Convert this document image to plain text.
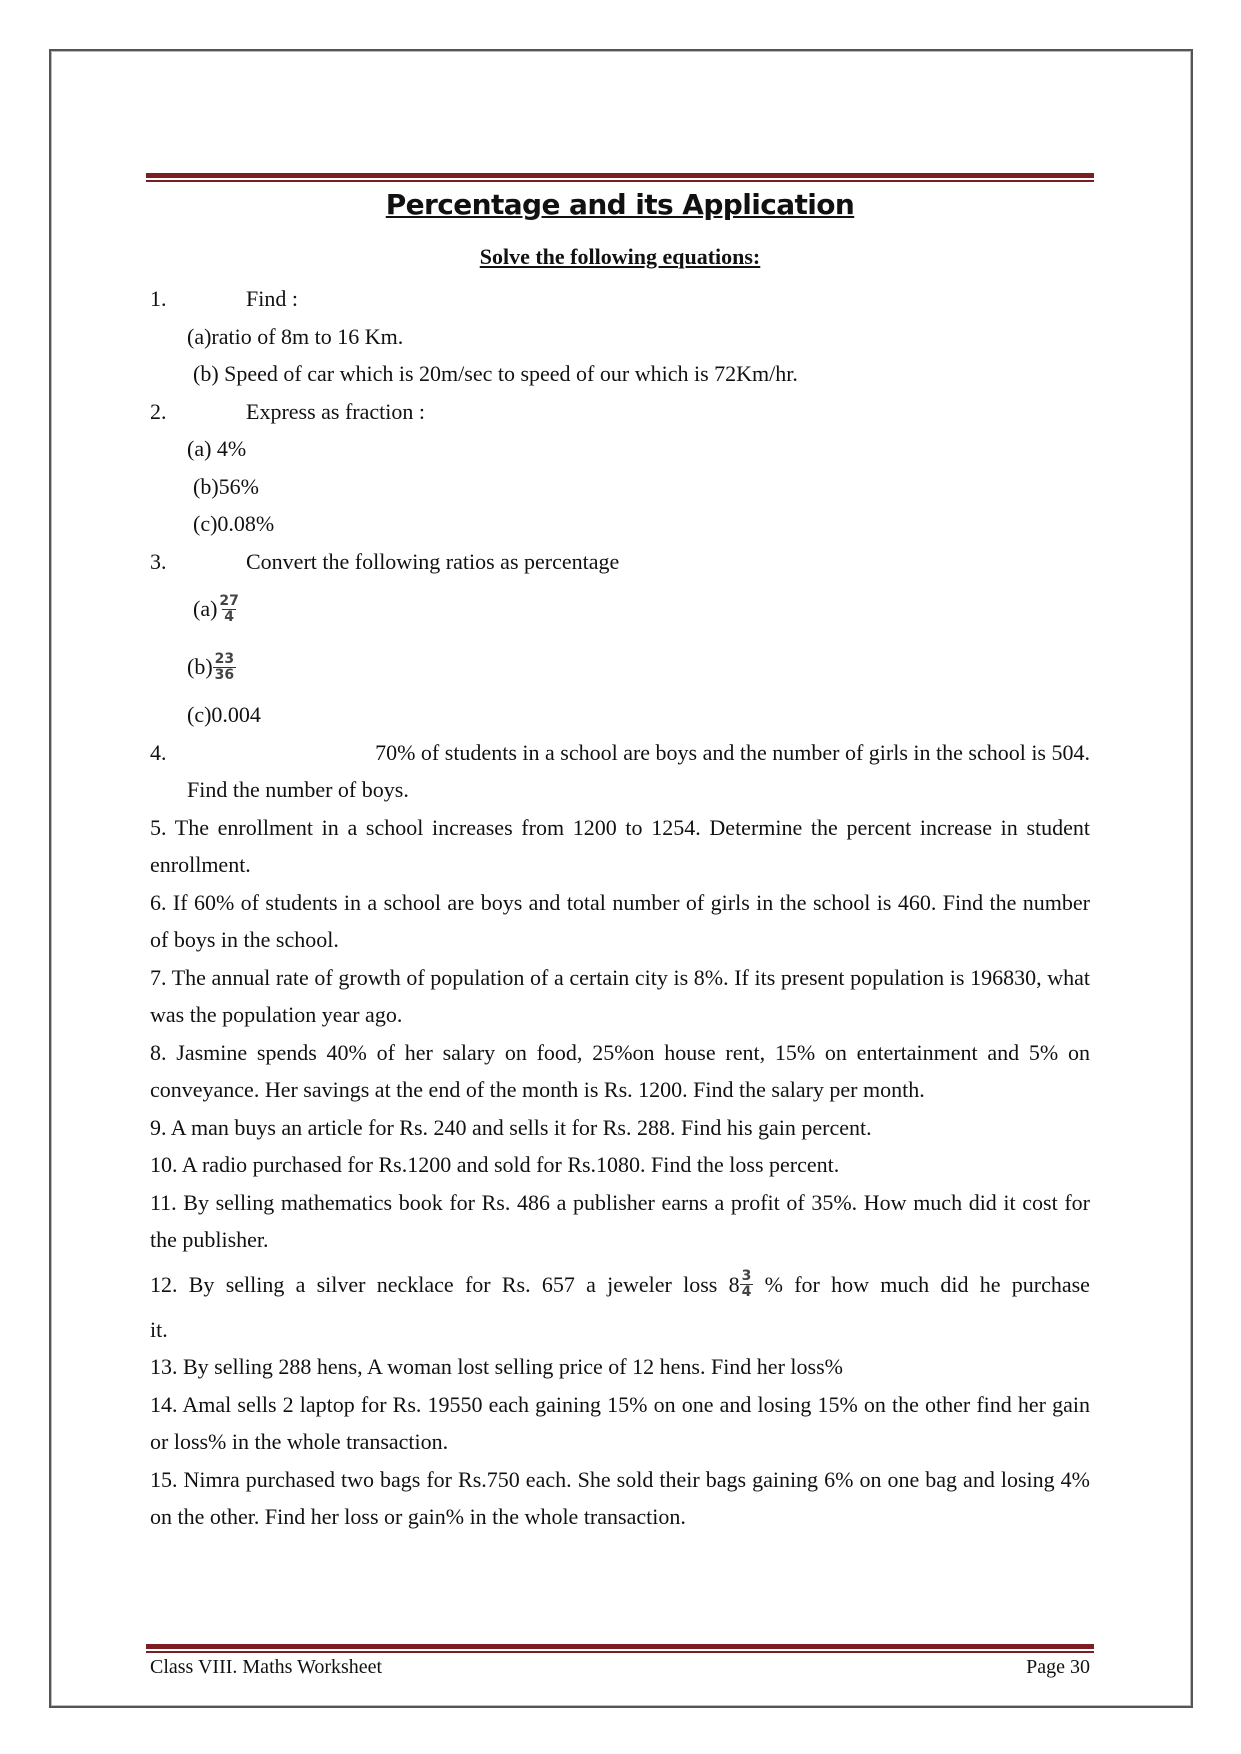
Percentage and its Application
Solve the following equations:
1.	Find :
(a)ratio of 8m to 16 Km.
(b) Speed of car which is 20m/sec to speed of our which is 72Km/hr.
2.	Express as fraction :
(a) 4%
(b)56%
(c)0.08%
3.	Convert the following ratios as percentage
$(a) \frac{27}{4}$
$(b) \frac{23}{36}$
(c)0.004
4.	70% of students in a school are boys and the number of girls in the school is 504.
Find the number of boys.
5. The enrollment in a school increases from 1200 to 1254. Determine the percent increase in student enrollment.
6. If 60% of students in a school are boys and total number of girls in the school is 460. Find the number of boys in the school.
7. The annual rate of growth of population of a certain city is 8%. If its present population is 196830, what was the population year ago.
8. Jasmine spends 40% of her salary on food, 25%on house rent, 15% on entertainment and 5% on conveyance. Her savings at the end of the month is Rs. 1200. Find the salary per month.
9. A man buys an article for Rs. 240 and sells it for Rs. 288. Find his gain percent.
10. A radio purchased for Rs.1200 and sold for Rs.1080. Find the loss percent.
11. By selling mathematics book for Rs. 486 a publisher earns a profit of 35%. How much did it cost for the publisher.
12. By selling a silver necklace for Rs. 657 a jeweler loss $8 \frac{3}{4}$ % for how much did he purchase
it.
13. By selling 288 hens, A woman lost selling price of 12 hens. Find her loss%
14. Amal sells 2 laptop for Rs. 19550 each gaining 15% on one and losing 15% on the other find her gain or loss% in the whole transaction.
15. Nimra purchased two bags for Rs.750 each. She sold their bags gaining 6% on one bag and losing 4% on the other. Find her loss or gain% in the whole transaction.
Class VIII. Maths Worksheet	Page 30
